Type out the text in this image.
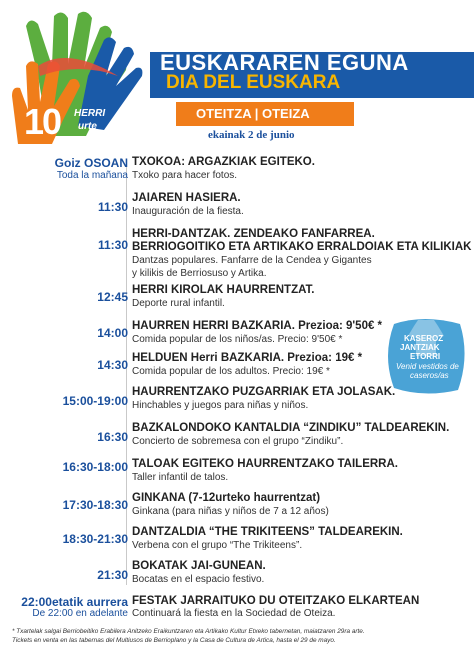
10 HERRI
urte
EUSKARAREN EGUNA
DIA DEL EUSKARA
OTEITZA | OTEIZA
ekainak 2 de junio
Goiz OSOAN
Toda la mañana
TXOKOA: ARGAZKIAK EGITEKO.
Txoko para hacer fotos.
11:30
JAIAREN HASIERA.
Inauguración de la fiesta.
11:30
HERRI-DANTZAK. ZENDEAKO FANFARREA.
BERRIOGOITIKO ETA ARTIKAKO ERRALDOIAK ETA KILIKIAK
Dantzas populares. Fanfarre de la Cendea y Gigantes
y kilikis de Berriosuso y Artika.
12:45 HERRI KIROLAK HAURRENTZAT.
Deporte rural infantil.
14:00 HAURREN HERRI BAZKARIA. Prezioa: 9'50€ *
Comida popular de los niños/as. Precio: 9'50€ *
14:30 HELDUEN Herri BAZKARIA. Prezioa: 19€ *
Comida popular de los adultos. Precio: 19€ *
15:00-19:00
HAURRENTZAKO PUZGARRIAK ETA JOLASAK.
Hinchables y juegos para niñas y niños.
16:30
BAZKALONDOKO KANTALDIA “ZINDIKU” TALDEAREKIN.
Concierto de sobremesa con el grupo “Zindiku”.
16:30-18:00 TALOAK EGITEKO HAURRENTZAKO TAILERRA.
Taller infantil de talos.
17:30-18:30 GINKANA (7-12urteko haurrentzat)
Ginkana (para niñas y niños de 7 a 12 años)
18:30-21:30 DANTZALDIA “THE TRIKITEENS” TALDEAREKIN.
Verbena con el grupo “The Trikiteens”.
21:30
BOKATAK JAI-GUNEAN.
Bocatas en el espacio festivo.
KASEROZ
JANTZIAK
ETORRI
Venid vestidos de
caseros/as
22:00etatik aurrera
De 22:00 en adelante
FESTAK JARRAITUKO DU OTEITZAKO ELKARTEAN
Continuará la fiesta en la Sociedad de Oteiza.
* Txartelak salgai Berriobeitiko Erabilera Anitzeko Eraikuntzaren eta Artikako Kultur Etxeko tabernetan, maiatzaren 29ra arte.
Tickets en venta en las tabernas del Multiusos de Berrioplano y la Casa de Cultura de Artica, hasta el 29 de mayo.
